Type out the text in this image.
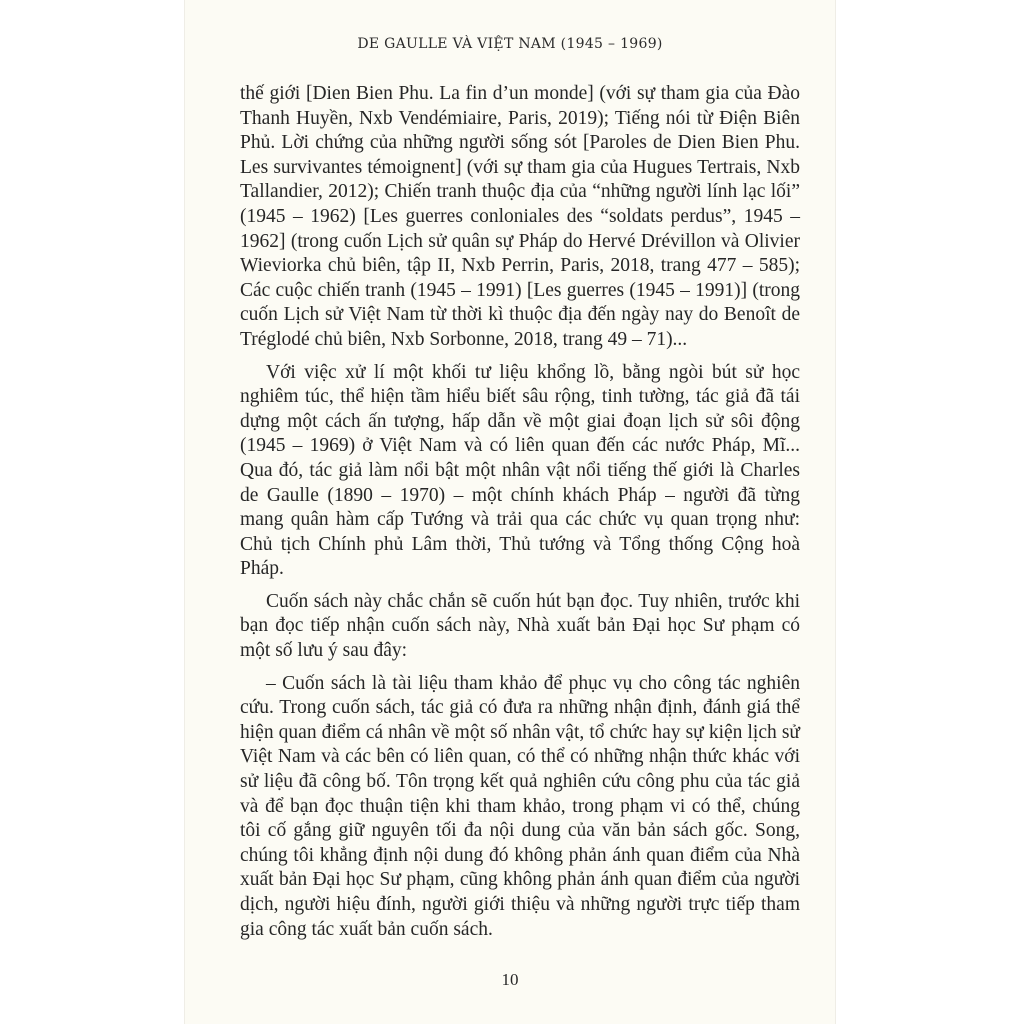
DE GAULLE VÀ VIỆT NAM (1945 – 1969)

thế giới [Dien Bien Phu. La fin d’un monde] (với sự tham gia của Đào Thanh Huyền, Nxb Vendémiaire, Paris, 2019); Tiếng nói từ Điện Biên Phủ. Lời chứng của những người sống sót [Paroles de Dien Bien Phu. Les survivantes témoignent] (với sự tham gia của Hugues Tertrais, Nxb Tallandier, 2012); Chiến tranh thuộc địa của “những người lính lạc lối” (1945 – 1962) [Les guerres conloniales des “soldats perdus”, 1945 – 1962] (trong cuốn Lịch sử quân sự Pháp do Hervé Drévillon và Olivier Wieviorka chủ biên, tập II, Nxb Perrin, Paris, 2018, trang 477 – 585); Các cuộc chiến tranh (1945 – 1991) [Les guerres (1945 – 1991)] (trong cuốn Lịch sử Việt Nam từ thời kì thuộc địa đến ngày nay do Benoît de Tréglodé chủ biên, Nxb Sorbonne, 2018, trang 49 – 71)...

Với việc xử lí một khối tư liệu khổng lồ, bằng ngòi bút sử học nghiêm túc, thể hiện tầm hiểu biết sâu rộng, tinh tường, tác giả đã tái dựng một cách ấn tượng, hấp dẫn về một giai đoạn lịch sử sôi động (1945 – 1969) ở Việt Nam và có liên quan đến các nước Pháp, Mĩ... Qua đó, tác giả làm nổi bật một nhân vật nổi tiếng thế giới là Charles de Gaulle (1890 – 1970) – một chính khách Pháp – người đã từng mang quân hàm cấp Tướng và trải qua các chức vụ quan trọng như: Chủ tịch Chính phủ Lâm thời, Thủ tướng và Tổng thống Cộng hoà Pháp.

Cuốn sách này chắc chắn sẽ cuốn hút bạn đọc. Tuy nhiên, trước khi bạn đọc tiếp nhận cuốn sách này, Nhà xuất bản Đại học Sư phạm có một số lưu ý sau đây:

– Cuốn sách là tài liệu tham khảo để phục vụ cho công tác nghiên cứu. Trong cuốn sách, tác giả có đưa ra những nhận định, đánh giá thể hiện quan điểm cá nhân về một số nhân vật, tổ chức hay sự kiện lịch sử Việt Nam và các bên có liên quan, có thể có những nhận thức khác với sử liệu đã công bố. Tôn trọng kết quả nghiên cứu công phu của tác giả và để bạn đọc thuận tiện khi tham khảo, trong phạm vi có thể, chúng tôi cố gắng giữ nguyên tối đa nội dung của văn bản sách gốc. Song, chúng tôi khẳng định nội dung đó không phản ánh quan điểm của Nhà xuất bản Đại học Sư phạm, cũng không phản ánh quan điểm của người dịch, người hiệu đính, người giới thiệu và những người trực tiếp tham gia công tác xuất bản cuốn sách.

10
